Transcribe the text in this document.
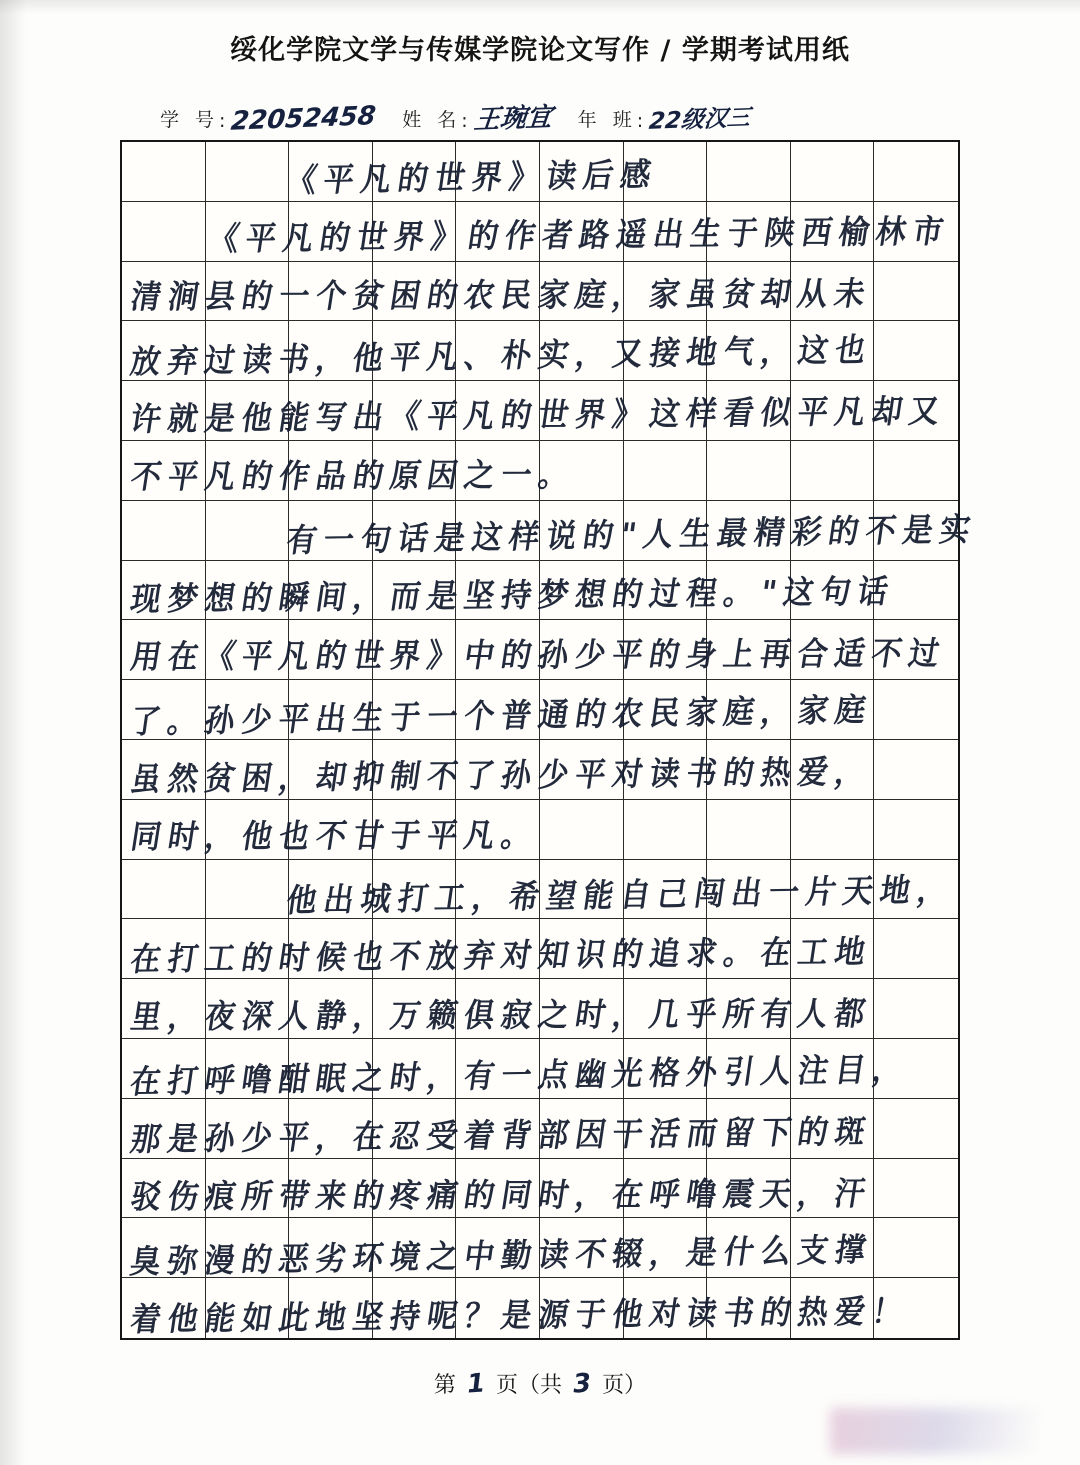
绥化学院文学与传媒学院论文写作 / 学期考试用纸
学 号 : 22052458 姓 名 : 王琬宜 年 班 : 22级汉三
《平凡的世界》读后感
《平凡的世界》的作者路遥出生于陕西榆林市
清涧县的一个贫困的农民家庭，家虽贫却从未
放弃过读书，他平凡、朴实，又接地气，这也
许就是他能写出《平凡的世界》这样看似平凡却又
不平凡的作品的原因之一。
有一句话是这样说的"人生最精彩的不是实
现梦想的瞬间，而是坚持梦想的过程。"这句话
用在《平凡的世界》中的孙少平的身上再合适不过
了。孙少平出生于一个普通的农民家庭，家庭
虽然贫困，却抑制不了孙少平对读书的热爱，
同时，他也不甘于平凡。
他出城打工，希望能自己闯出一片天地，
在打工的时候也不放弃对知识的追求。在工地
里，夜深人静，万籁俱寂之时，几乎所有人都
在打呼噜酣眠之时，有一点幽光格外引人注目，
那是孙少平，在忍受着背部因干活而留下的斑
驳伤痕所带来的疼痛的同时，在呼噜震天，汗
臭弥漫的恶劣环境之中勤读不辍，是什么支撑
着他能如此地坚持呢？是源于他对读书的热爱！
第 1 页（共 3 页）
